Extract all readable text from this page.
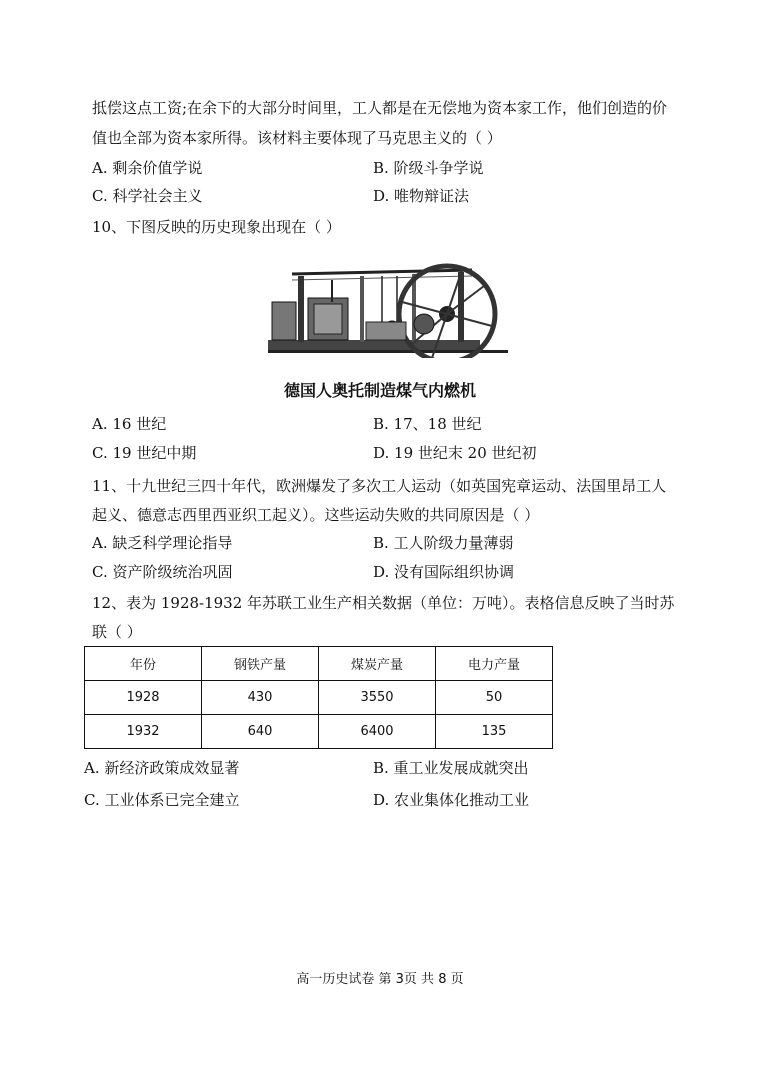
抵偿这点工资;在余下的大部分时间里，工人都是在无偿地为资本家工作，他们创造的价
值也全部为资本家所得。该材料主要体现了马克思主义的（ ）
A. 剩余价值学说	B. 阶级斗争学说
C. 科学社会主义	D. 唯物辩证法
10、下图反映的历史现象出现在（ ）
德国人奥托制造煤气内燃机
A. 16 世纪	B. 17、18 世纪
C. 19 世纪中期	D. 19 世纪末 20 世纪初
11、十九世纪三四十年代，欧洲爆发了多次工人运动（如英国宪章运动、法国里昂工人
起义、德意志西里西亚织工起义）。这些运动失败的共同原因是（ ）
A. 缺乏科学理论指导	B. 工人阶级力量薄弱
C. 资产阶级统治巩固	D. 没有国际组织协调
12、表为 1928-1932 年苏联工业生产相关数据（单位：万吨）。表格信息反映了当时苏
联（ ）
年份	钢铁产量	煤炭产量	电力产量
1928	430	3550	50
1932	640	6400	135
A. 新经济政策成效显著	B. 重工业发展成就突出
C. 工业体系已完全建立	D. 农业集体化推动工业
高一历史试卷 第 3页 共 8 页
